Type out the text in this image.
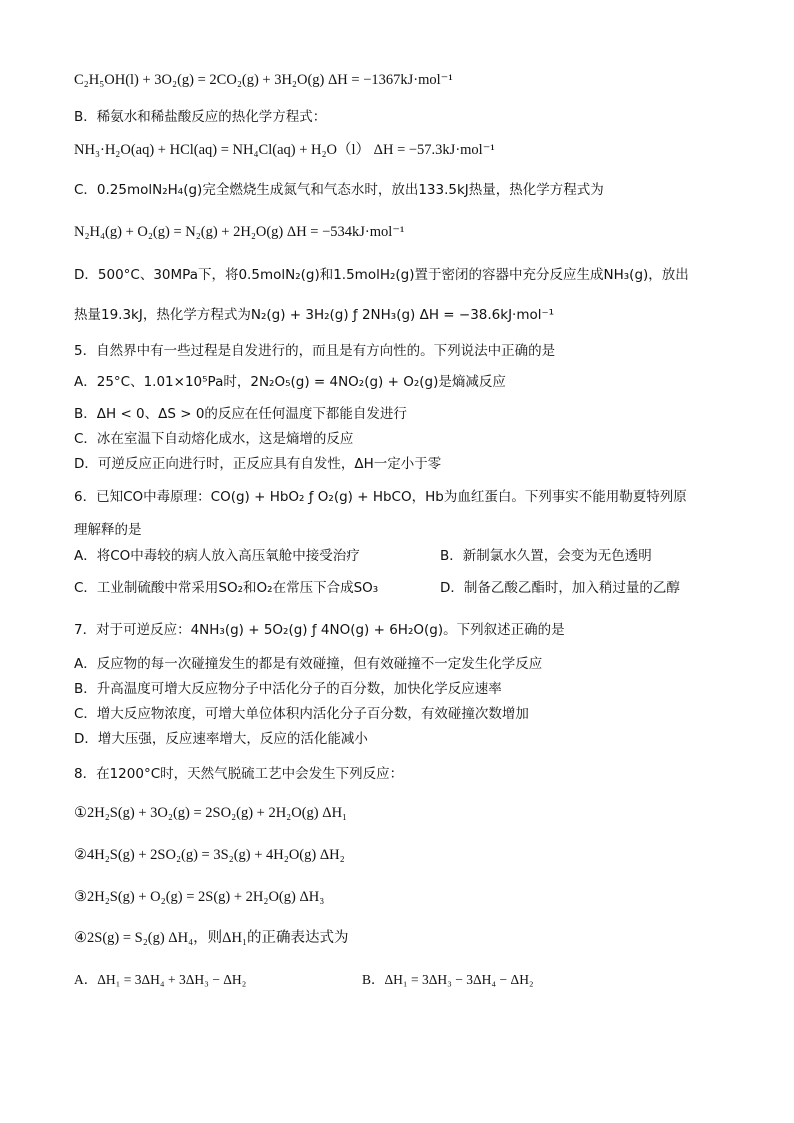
C₂H₅OH(l) + 3O₂(g) = 2CO₂(g) + 3H₂O(g) ΔH = −1367kJ·mol⁻¹
B．稀氨水和稀盐酸反应的热化学方程式：
NH₃·H₂O(aq) + HCl(aq) = NH₄Cl(aq) + H₂O（l） ΔH = −57.3kJ·mol⁻¹
C．0.25molN₂H₄(g)完全燃烧生成氮气和气态水时，放出133.5kJ热量，热化学方程式为
N₂H₄(g) + O₂(g) = N₂(g) + 2H₂O(g) ΔH = −534kJ·mol⁻¹
D．500°C、30MPa下，将0.5molN₂(g)和1.5molH₂(g)置于密闭的容器中充分反应生成NH₃(g)，放出
热量19.3kJ，热化学方程式为N₂(g) + 3H₂(g) ƒ 2NH₃(g) ΔH = −38.6kJ·mol⁻¹
5．自然界中有一些过程是自发进行的，而且是有方向性的。下列说法中正确的是
A．25°C、1.01×10⁵Pa时，2N₂O₅(g) = 4NO₂(g) + O₂(g)是熵减反应
B．ΔH < 0、ΔS > 0的反应在任何温度下都能自发进行
C．冰在室温下自动熔化成水，这是熵增的反应
D．可逆反应正向进行时，正反应具有自发性，ΔH一定小于零
6．已知CO中毒原理：CO(g) + HbO₂ ƒ O₂(g) + HbCO，Hb为血红蛋白。下列事实不能用勒夏特列原
理解释的是
A．将CO中毒较的病人放入高压氧舱中接受治疗	B．新制氯水久置，会变为无色透明
C．工业制硫酸中常采用SO₂和O₂在常压下合成SO₃	D．制备乙酸乙酯时，加入稍过量的乙醇
7．对于可逆反应：4NH₃(g) + 5O₂(g) ƒ 4NO(g) + 6H₂O(g)。下列叙述正确的是
A．反应物的每一次碰撞发生的都是有效碰撞，但有效碰撞不一定发生化学反应
B．升高温度可增大反应物分子中活化分子的百分数，加快化学反应速率
C．增大反应物浓度，可增大单位体积内活化分子百分数，有效碰撞次数增加
D．增大压强，反应速率增大，反应的活化能减小
8．在1200°C时，天然气脱硫工艺中会发生下列反应：
①2H₂S(g) + 3O₂(g) = 2SO₂(g) + 2H₂O(g) ΔH₁
②4H₂S(g) + 2SO₂(g) = 3S₂(g) + 4H₂O(g) ΔH₂
③2H₂S(g) + O₂(g) = 2S(g) + 2H₂O(g) ΔH₃
④2S(g) = S₂(g) ΔH₄，则ΔH₁的正确表达式为
A．ΔH₁ = 3ΔH₄ + 3ΔH₃ − ΔH₂	B．ΔH₁ = 3ΔH₃ − 3ΔH₄ − ΔH₂
